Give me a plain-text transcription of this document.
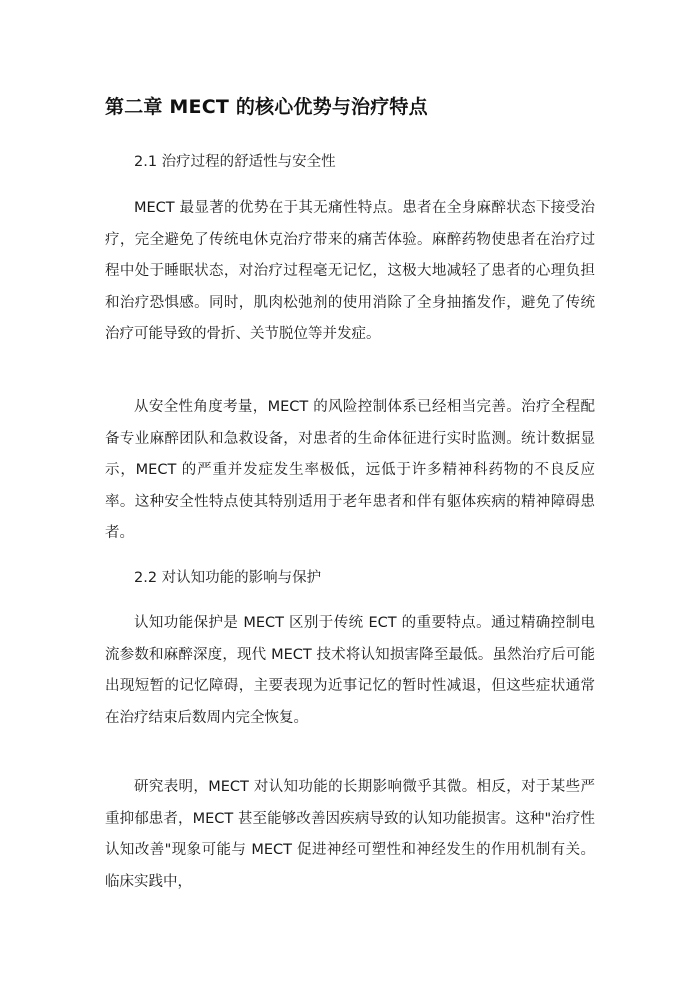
第二章 MECT 的核心优势与治疗特点
2.1 治疗过程的舒适性与安全性

MECT 最显著的优势在于其无痛性特点。患者在全身麻醉状态下接受治疗，完全避免了传统电休克治疗带来的痛苦体验。麻醉药物使患者在治疗过程中处于睡眠状态，对治疗过程毫无记忆，这极大地减轻了患者的心理负担和治疗恐惧感。同时，肌肉松弛剂的使用消除了全身抽搐发作，避免了传统治疗可能导致的骨折、关节脱位等并发症。

从安全性角度考量，MECT 的风险控制体系已经相当完善。治疗全程配备专业麻醉团队和急救设备，对患者的生命体征进行实时监测。统计数据显示，MECT 的严重并发症发生率极低，远低于许多精神科药物的不良反应率。这种安全性特点使其特别适用于老年患者和伴有躯体疾病的精神障碍患者。

2.2 对认知功能的影响与保护

认知功能保护是 MECT 区别于传统 ECT 的重要特点。通过精确控制电流参数和麻醉深度，现代 MECT 技术将认知损害降至最低。虽然治疗后可能出现短暂的记忆障碍，主要表现为近事记忆的暂时性减退，但这些症状通常在治疗结束后数周内完全恢复。

研究表明，MECT 对认知功能的长期影响微乎其微。相反，对于某些严重抑郁患者，MECT 甚至能够改善因疾病导致的认知功能损害。这种"治疗性认知改善"现象可能与 MECT 促进神经可塑性和神经发生的作用机制有关。临床实践中，
